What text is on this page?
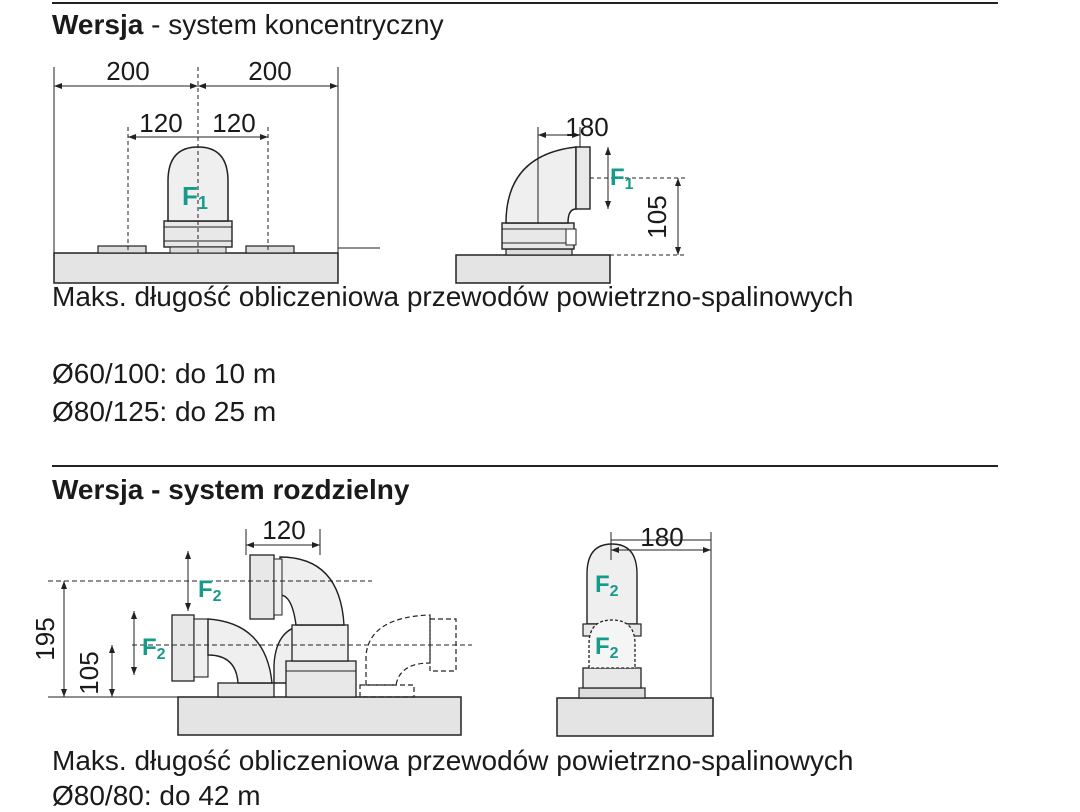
Wersja - system koncentryczny
200	200
120 120
F1
180
105
F1
Maks. długość obliczeniowa przewodów powietrzno-spalinowych
Ø60/100: do 10 m
Ø80/125: do 25 m
Wersja - system rozdzielny
120
195
105
F2
F2
180
F2
F2
Maks. długość obliczeniowa przewodów powietrzno-spalinowych
Ø80/80: do 42 m
